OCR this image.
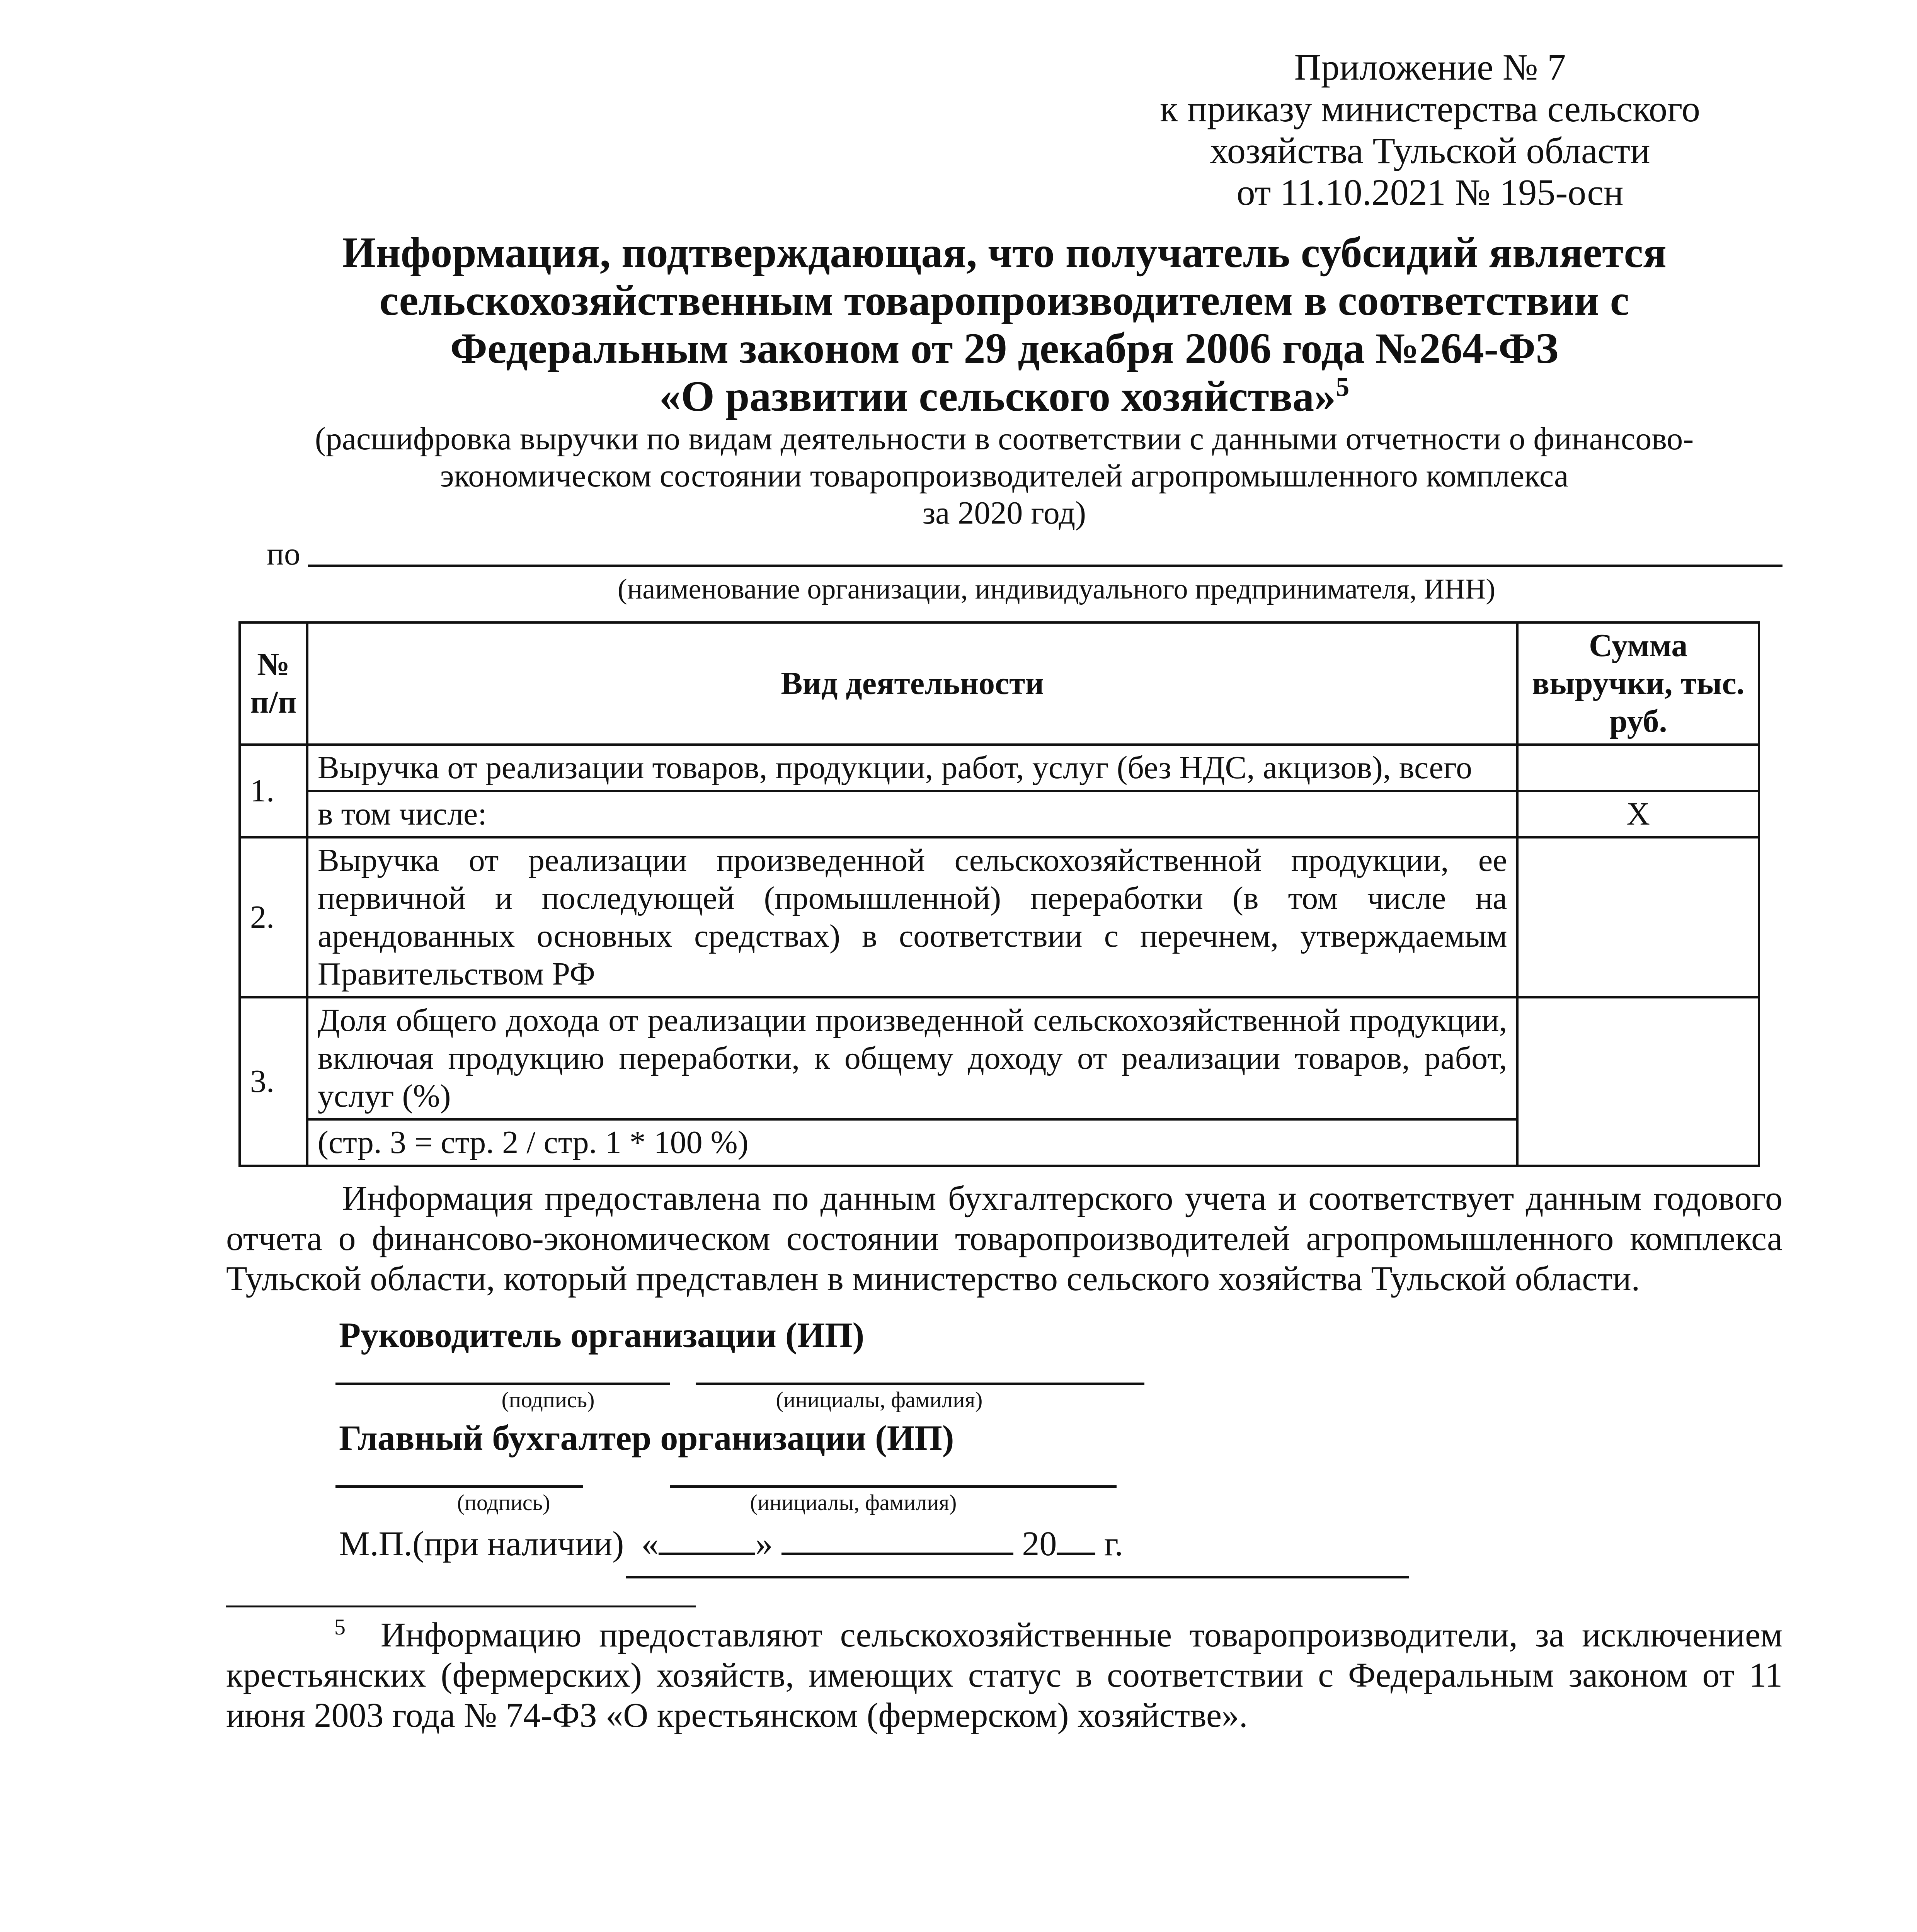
Приложение № 7
к приказу министерства сельского
хозяйства Тульской области
от 11.10.2021 № 195-осн
Информация, подтверждающая, что получатель субсидий является
сельскохозяйственным товаропроизводителем в соответствии с
Федеральным законом от 29 декабря 2006 года №264-ФЗ
«О развитии сельского хозяйства»$^5$
(расшифровка выручки по видам деятельности в соответствии с данными отчетности о финансово-
экономическом состоянии товаропроизводителей агропромышленного комплекса
за 2020 год)
по
(наименование организации, индивидуального предпринимателя, ИНН)
№ п/п	Вид деятельности	Сумма выручки, тыс. руб.
1.	Выручка от реализации товаров, продукции, работ, услуг (без НДС, акцизов), всего	
	в том числе:	X
2.	Выручка от реализации произведенной сельскохозяйственной продукции, ее первичной и последующей (промышленной) переработки (в том числе на арендованных основных средствах) в соответствии с перечнем, утверждаемым Правительством РФ	
3.	Доля общего дохода от реализации произведенной сельскохозяйственной продукции, включая продукцию переработки, к общему доходу от реализации товаров, работ, услуг (%)	
	(стр. 3 = стр. 2 / стр. 1 * 100 %)	
Информация предоставлена по данным бухгалтерского учета и соответствует данным годового отчета о финансово-экономическом состоянии товаропроизводителей агропромышленного комплекса Тульской области, который представлен в министерство сельского хозяйства Тульской области.
Руководитель организации (ИП)
(подпись)	(инициалы, фамилия)
Главный бухгалтер организации (ИП)
(подпись)	(инициалы, фамилия)
М.П.(при наличии) «	»	20 г.
$^5$ Информацию предоставляют сельскохозяйственные товаропроизводители, за исключением крестьянских (фермерских) хозяйств, имеющих статус в соответствии с Федеральным законом от 11 июня 2003 года № 74-ФЗ «О крестьянском (фермерском) хозяйстве».
